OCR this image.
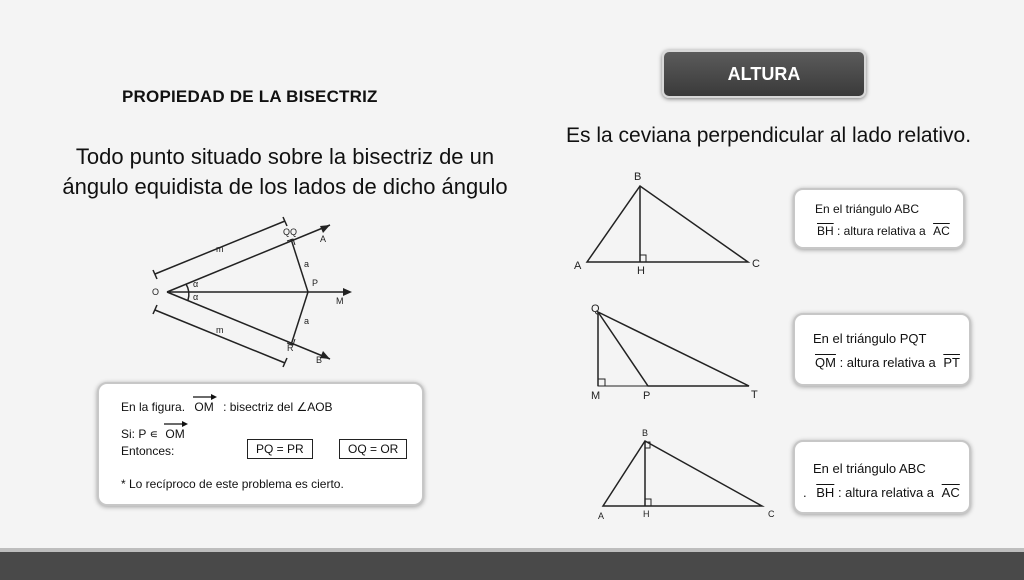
PROPIEDAD DE LA BISECTRIZ
Todo punto situado sobre la bisectriz de un ángulo equidista de los lados de dicho ángulo
O
Q Q
A
P
M
R
B
m
m
a
a
α
α
En la figura. OM : bisectriz del ∠AOB
Si: P ∊ OM
Entonces:	PQ = PR	OQ = OR
* Lo recíproco de este problema es cierto.
ALTURA
Es la ceviana perpendicular al lado relativo.
B
A	C
H
Q
M	P	T
B
A	C
H
En el triángulo ABC
$\overline{BH}$ : altura relativa a $\overline{AC}$
En el triángulo PQT
$\overline{QM}$ : altura relativa a $\overline{PT}$
En el triángulo ABC
. $\overline{BH}$ : altura relativa a $\overline{AC}$
